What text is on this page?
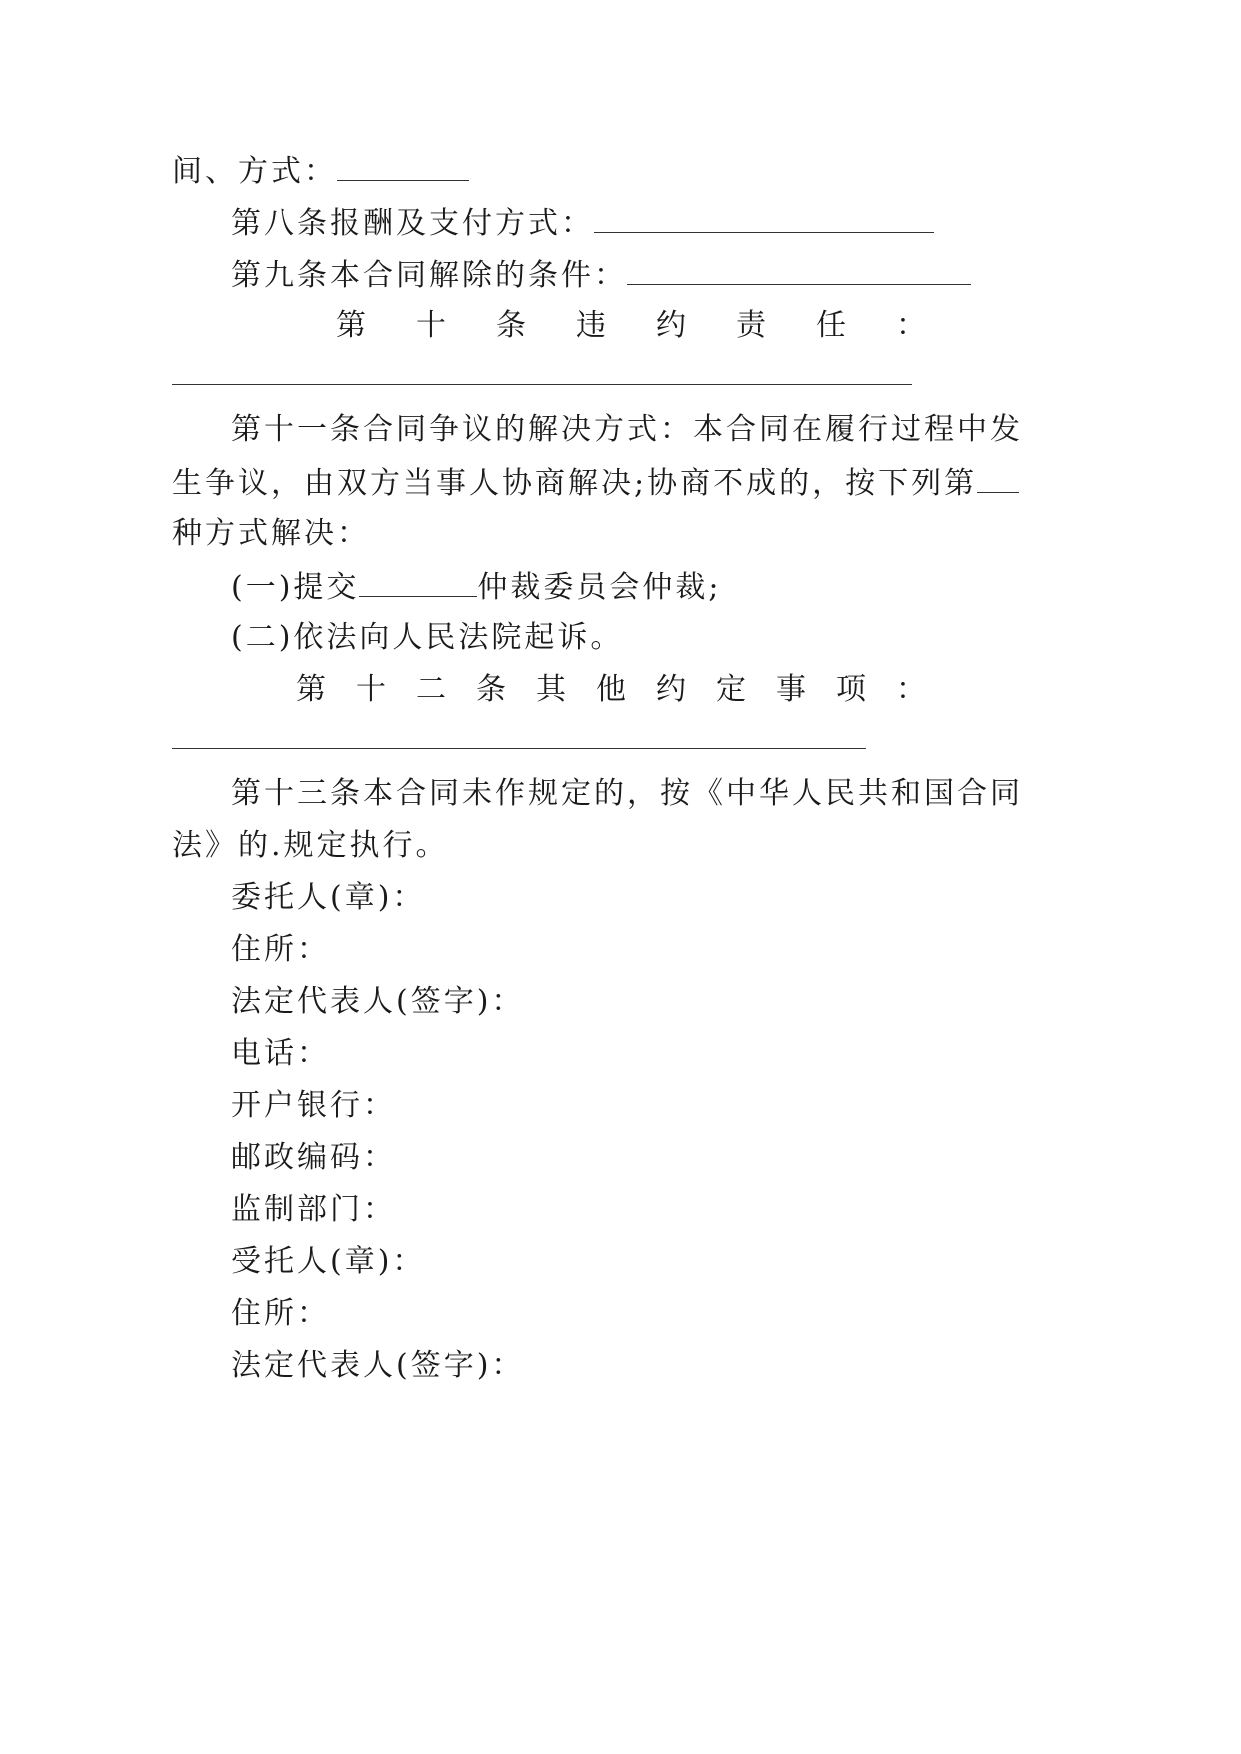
间、方式：
第八条报酬及支付方式：
第九条本合同解除的条件：
第 十 条 违 约 责 任 ：
第十一条合同争议的解决方式：本合同在履行过程中发
生争议，由双方当事人协商解决;协商不成的，按下列第
种方式解决：
(一)提交	仲裁委员会仲裁;
(二)依法向人民法院起诉。
第 十 二 条 其 他 约 定 事 项 ：
第十三条本合同未作规定的，按《中华人民共和国合同
法》的.规定执行。
委托人(章)：
住所：
法定代表人(签字)：
电话：
开户银行：
邮政编码：
监制部门：
受托人(章)：
住所：
法定代表人(签字)：
